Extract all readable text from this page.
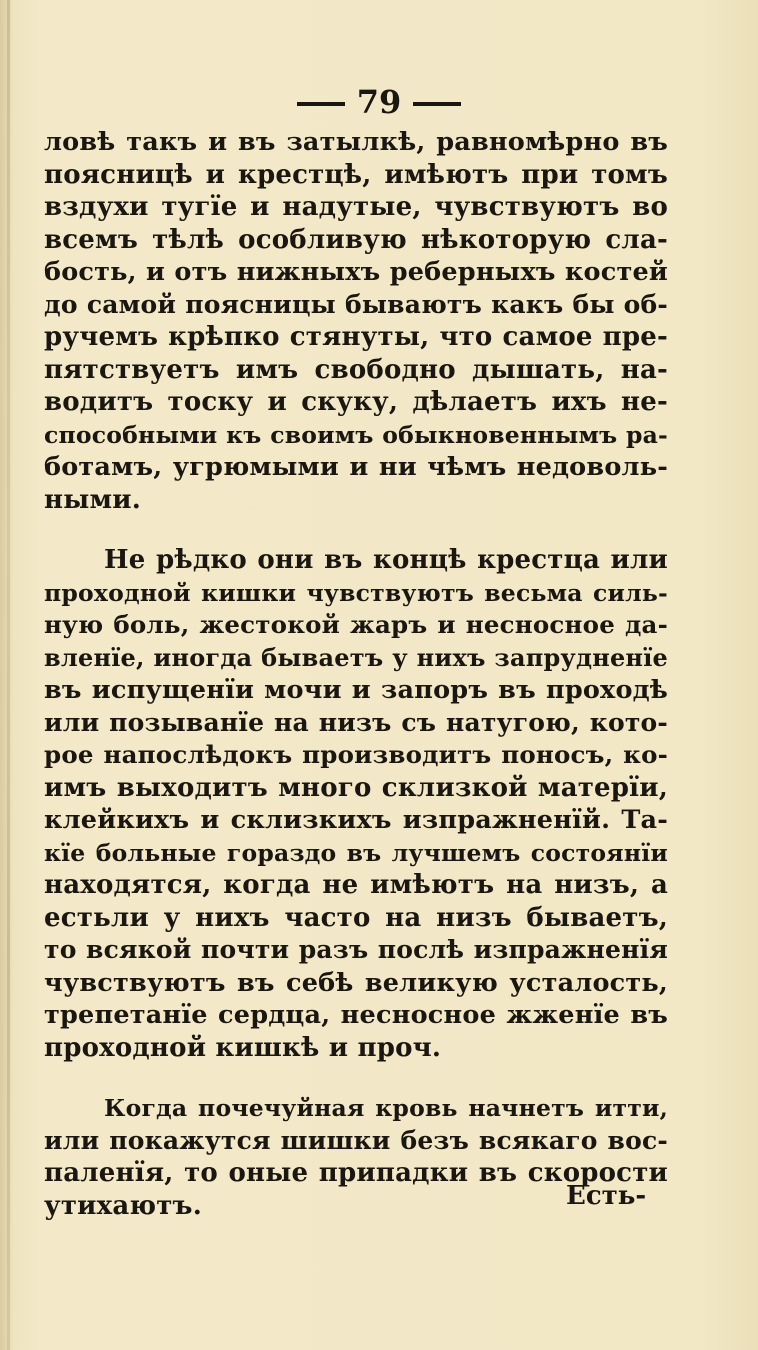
79
ловѣ такъ и въ затылкѣ, равномѣрно въ
поясницѣ и крестцѣ, имѣютъ при томъ
вздухи тугїе и надутые, чувствуютъ во
всемъ тѣлѣ особливую нѣкоторую сла-
бость, и отъ нижныхъ реберныхъ костей
до самой поясницы бываютъ какъ бы об-
ручемъ крѣпко стянуты, что самое пре-
пятствуетъ имъ свободно дышать, на-
водитъ тоску и скуку, дѣлаетъ ихъ не-
способными къ своимъ обыкновеннымъ ра-
ботамъ, угрюмыми и ни чѣмъ недоволь-
ными.
Не рѣдко они въ концѣ крестца или
проходной кишки чувствуютъ весьма силь-
ную боль, жестокой жаръ и несносное да-
вленїе, иногда бываетъ у нихъ запрудненїе
въ испущенїи мочи и запоръ въ проходѣ
или позыванїе на низъ съ натугою, кото-
рое напослѣдокъ производитъ поносъ, ко-
имъ выходитъ много склизкой матерїи,
клейкихъ и склизкихъ изпражненїй. Та-
кїе больные гораздо въ лучшемъ состоянїи
находятся, когда не имѣютъ на низъ, а
естьли у нихъ часто на низъ бываетъ,
то всякой почти разъ послѣ изпражненїя
чувствуютъ въ себѣ великую усталость,
трепетанїе сердца, несносное жженїе въ
проходной кишкѣ и проч.
Когда почечуйная кровь начнетъ итти,
или покажутся шишки безъ всякаго вос-
паленїя, то оные припадки въ скорости
утихаютъ.	Есть-
